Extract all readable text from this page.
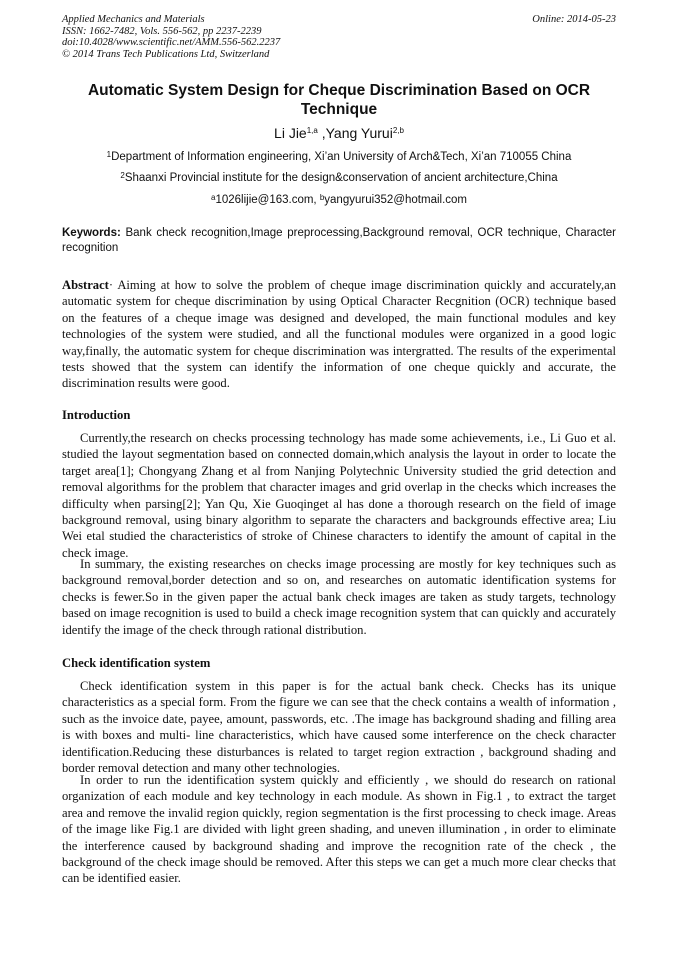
Applied Mechanics and Materials
ISSN: 1662-7482, Vols. 556-562, pp 2237-2239
doi:10.4028/www.scientific.net/AMM.556-562.2237
© 2014 Trans Tech Publications Ltd, Switzerland
Online: 2014-05-23
Automatic System Design for Cheque Discrimination Based on OCR Technique
Li Jie$^{1,a}$ ,Yang Yurui$^{2,b}$
$^1$Department of Information engineering, Xi’an University of Arch&Tech, Xi’an 710055 China
$^2$Shaanxi Provincial institute for the design&conservation of ancient architecture,China
$^a$1026lijie@163.com, $^b$yangyurui352@hotmail.com
Keywords: Bank check recognition,Image preprocessing,Background removal, OCR technique, Character recognition
Abstract· Aiming at how to solve the problem of cheque image discrimination quickly and accurately,an automatic system for cheque discrimination by using Optical Character Recgnition (OCR) technique based on the features of a cheque image was designed and developed, the main functional modules and key technologies of the system were studied, and all the functional modules were organized in a good logic way,finally, the automatic system for cheque discrimination was intergratted. The results of the experimental tests showed that the system can identify the information of one cheque quickly and accurate, the discrimination results were good.
Introduction
Currently,the research on checks processing technology has made some achievements, i.e., Li Guo et al. studied the layout segmentation based on connected domain,which analysis the layout in order to locate the target area[1]; Chongyang Zhang et al from Nanjing Polytechnic University studied the grid detection and removal algorithms for the problem that character images and grid overlap in the checks which increases the difficulty when parsing[2]; Yan Qu, Xie Guoqinget al has done a thorough research on the field of image background removal, using binary algorithm to separate the characters and backgrounds effective area; Liu Wei etal studied the characteristics of stroke of Chinese characters to identify the amount of capital in the check image.
In summary, the existing researches on checks image processing are mostly for key techniques such as background removal,border detection and so on, and researches on automatic identification systems for checks is fewer.So in the given paper the actual bank check images are taken as study targets, technology based on image recognition is used to build a check image recognition system that can quickly and accurately identify the image of the check through rational distribution.
Check identification system
Check identification system in this paper is for the actual bank check. Checks has its unique characteristics as a special form. From the figure we can see that the check contains a wealth of information , such as the invoice date, payee, amount, passwords, etc. .The image has background shading and filling area is with boxes and multi- line characteristics, which have caused some interference on the check character identification.Reducing these disturbances is related to target region extraction , background shading and border removal detection and many other technologies.
In order to run the identification system quickly and efficiently , we should do research on rational organization of each module and key technology in each module. As shown in Fig.1 , to extract the target area and remove the invalid region quickly, region segmentation is the first processing to check image. Areas of the image like Fig.1 are divided with light green shading, and uneven illumination , in order to eliminate the interference caused by background shading and improve the recognition rate of the check , the background of the check image should be removed. After this steps we can get a much more clear checks that can be identified easier.
